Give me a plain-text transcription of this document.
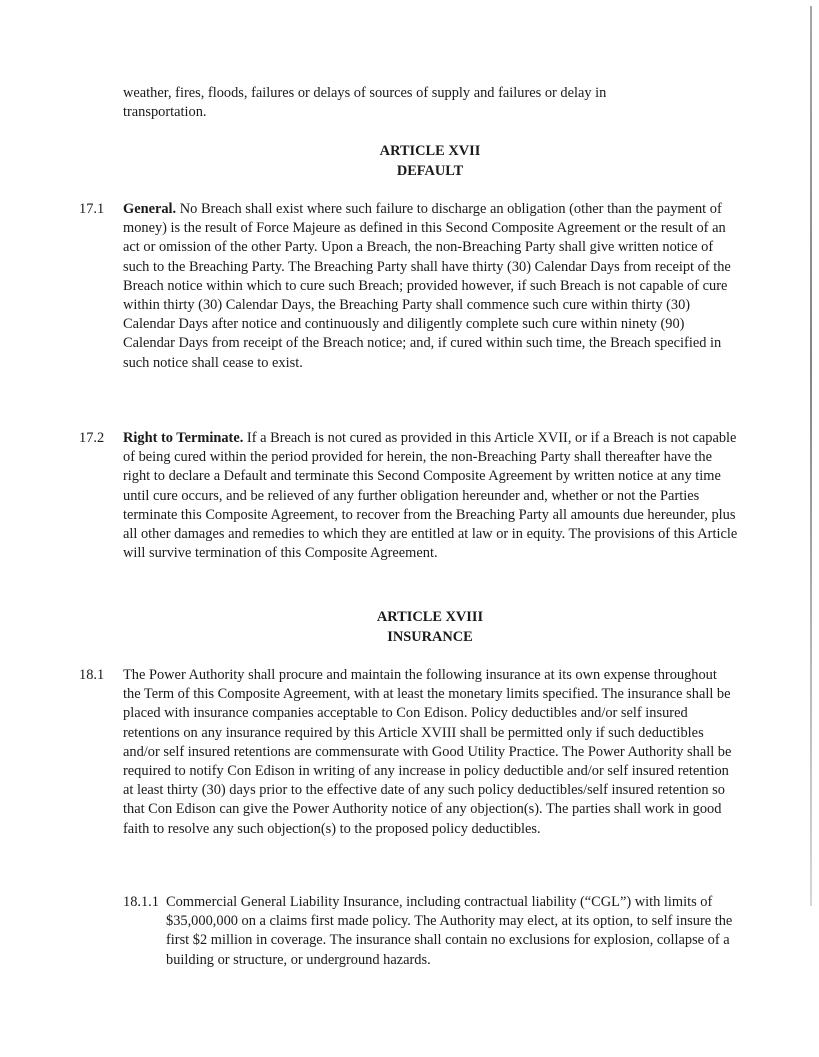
weather, fires, floods, failures or delays of sources of supply and failures or delay in transportation.
ARTICLE XVII
DEFAULT
17.1 General. No Breach shall exist where such failure to discharge an obligation (other than the payment of money) is the result of Force Majeure as defined in this Second Composite Agreement or the result of an act or omission of the other Party. Upon a Breach, the non-Breaching Party shall give written notice of such to the Breaching Party. The Breaching Party shall have thirty (30) Calendar Days from receipt of the Breach notice within which to cure such Breach; provided however, if such Breach is not capable of cure within thirty (30) Calendar Days, the Breaching Party shall commence such cure within thirty (30) Calendar Days after notice and continuously and diligently complete such cure within ninety (90) Calendar Days from receipt of the Breach notice; and, if cured within such time, the Breach specified in such notice shall cease to exist.
17.2 Right to Terminate. If a Breach is not cured as provided in this Article XVII, or if a Breach is not capable of being cured within the period provided for herein, the non-Breaching Party shall thereafter have the right to declare a Default and terminate this Second Composite Agreement by written notice at any time until cure occurs, and be relieved of any further obligation hereunder and, whether or not the Parties terminate this Composite Agreement, to recover from the Breaching Party all amounts due hereunder, plus all other damages and remedies to which they are entitled at law or in equity. The provisions of this Article will survive termination of this Composite Agreement.
ARTICLE XVIII
INSURANCE
18.1 The Power Authority shall procure and maintain the following insurance at its own expense throughout the Term of this Composite Agreement, with at least the monetary limits specified. The insurance shall be placed with insurance companies acceptable to Con Edison. Policy deductibles and/or self insured retentions on any insurance required by this Article XVIII shall be permitted only if such deductibles and/or self insured retentions are commensurate with Good Utility Practice. The Power Authority shall be required to notify Con Edison in writing of any increase in policy deductible and/or self insured retention at least thirty (30) days prior to the effective date of any such policy deductibles/self insured retention so that Con Edison can give the Power Authority notice of any objection(s). The parties shall work in good faith to resolve any such objection(s) to the proposed policy deductibles.
18.1.1 Commercial General Liability Insurance, including contractual liability (“CGL”) with limits of $35,000,000 on a claims first made policy. The Authority may elect, at its option, to self insure the first $2 million in coverage. The insurance shall contain no exclusions for explosion, collapse of a building or structure, or underground hazards.
